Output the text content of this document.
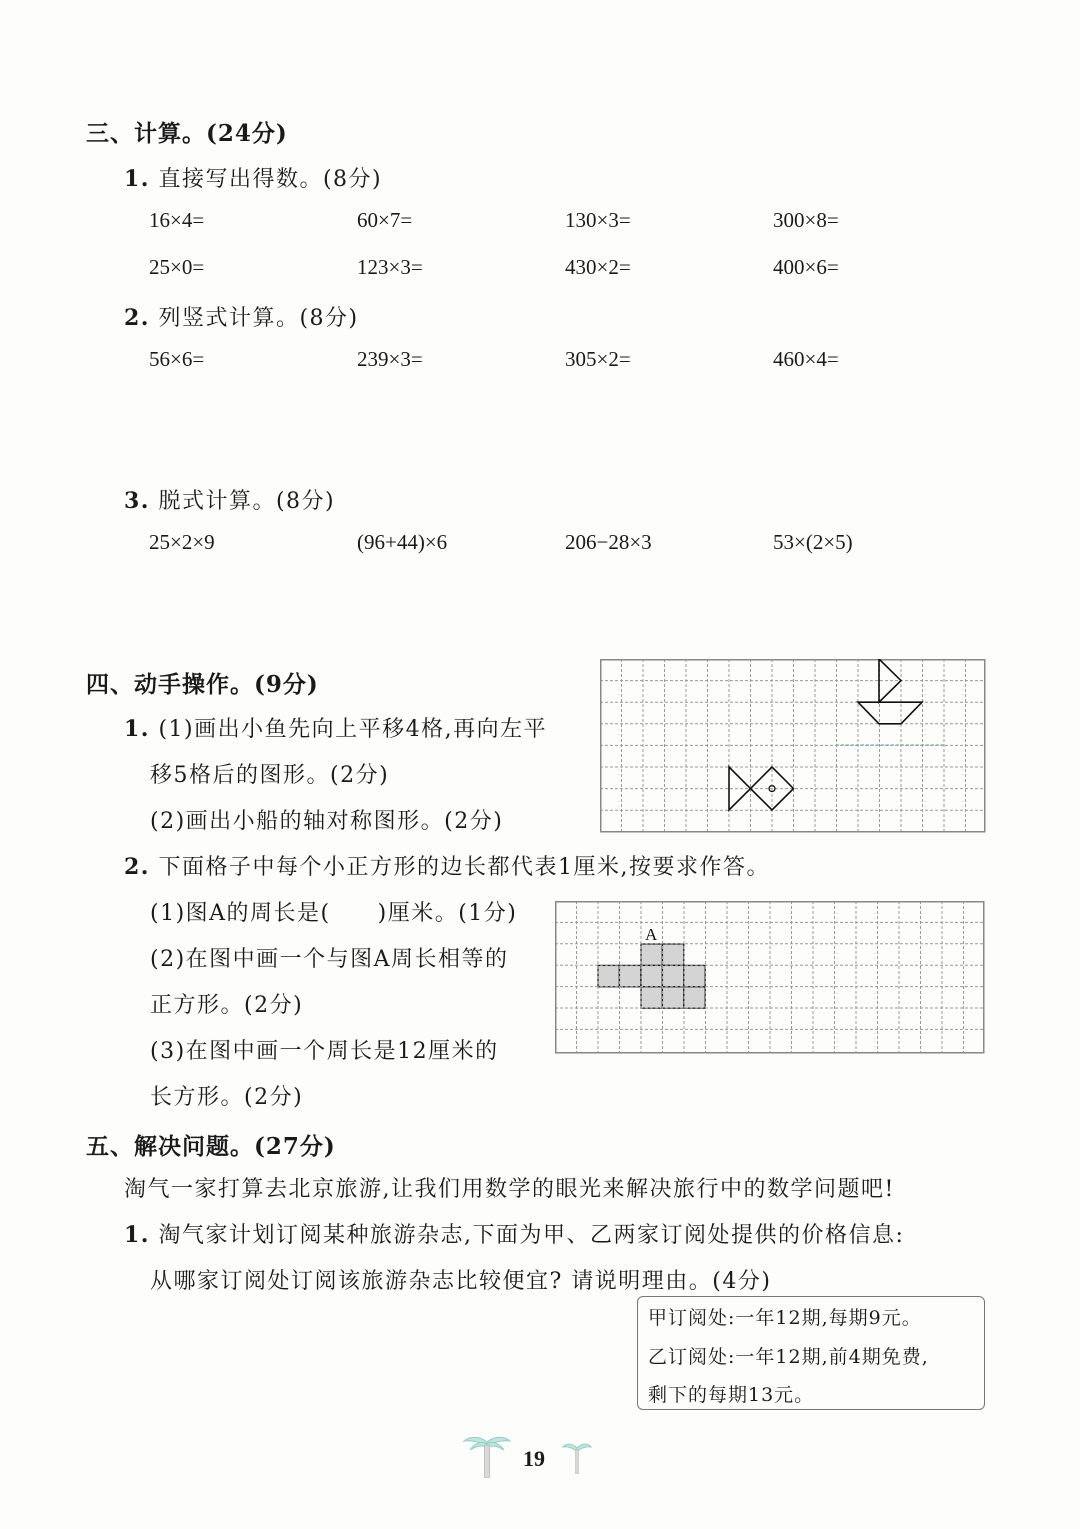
三、计算。(24分)
1. 直接写出得数。(8分)
16×4=	60×7=	130×3=	300×8=
25×0=	123×3=	430×2=	400×6=
2. 列竖式计算。(8分)
56×6=	239×3=	305×2=	460×4=
3. 脱式计算。(8分)
25×2×9	(96+44)×6	206−28×3	53×(2×5)
四、动手操作。(9分)
1. (1)画出小鱼先向上平移4格,再向左平
移5格后的图形。(2分)
(2)画出小船的轴对称图形。(2分)
2. 下面格子中每个小正方形的边长都代表1厘米,按要求作答。
(1)图A的周长是(　　)厘米。(1分)
(2)在图中画一个与图A周长相等的
正方形。(2分)
(3)在图中画一个周长是12厘米的
长方形。(2分)
A
五、解决问题。(27分)
淘气一家打算去北京旅游,让我们用数学的眼光来解决旅行中的数学问题吧!
1. 淘气家计划订阅某种旅游杂志,下面为甲、乙两家订阅处提供的价格信息:
从哪家订阅处订阅该旅游杂志比较便宜? 请说明理由。(4分)
甲订阅处:一年12期,每期9元。
乙订阅处:一年12期,前4期免费,
剩下的每期13元。
19
